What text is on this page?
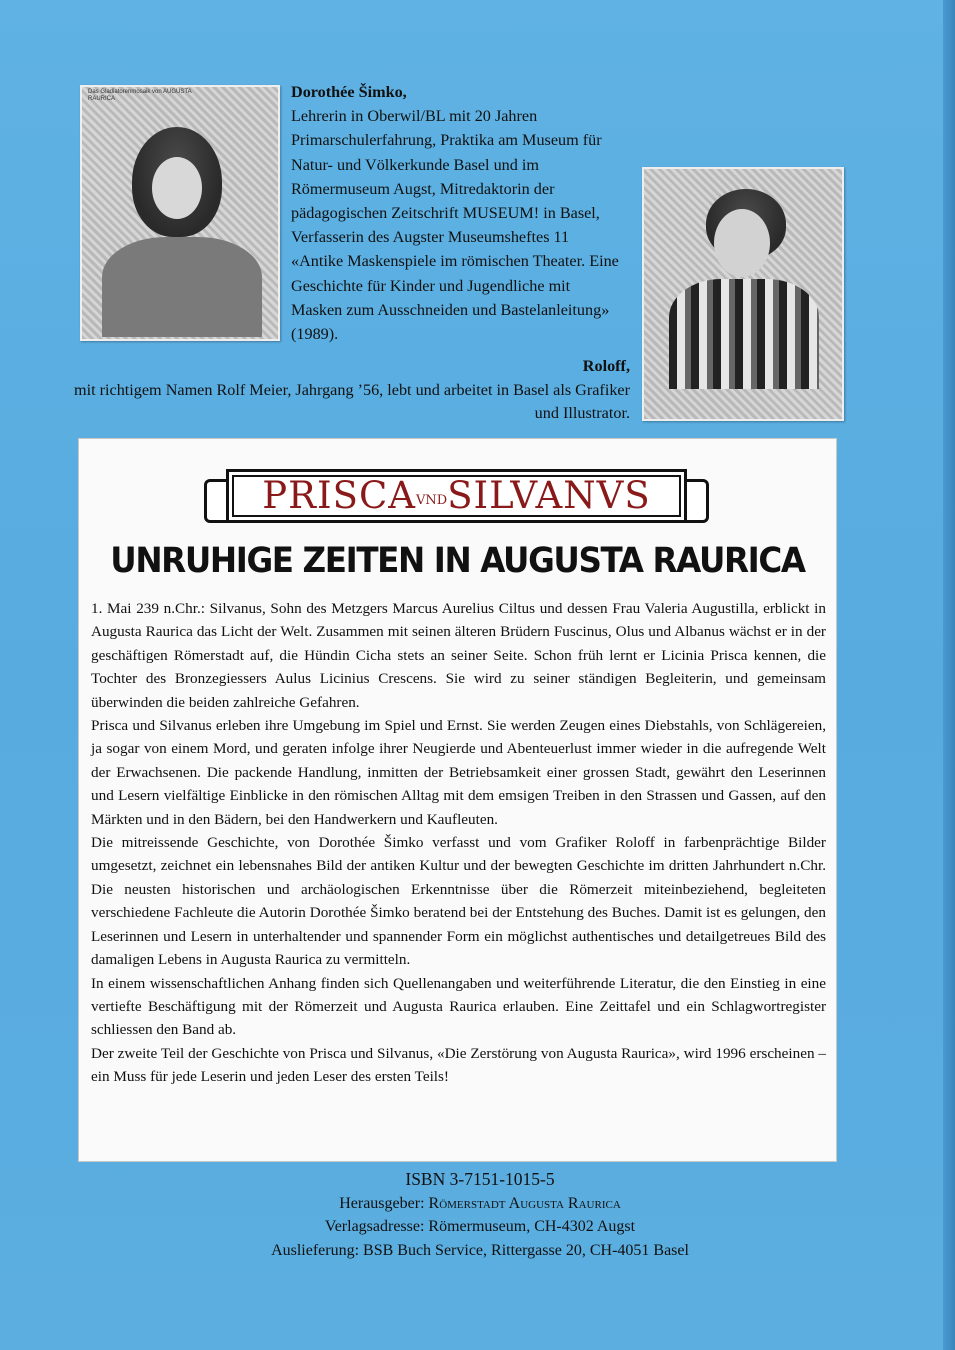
Das Gladiatorenmosaik von AUGUSTA RAURICA	Dorothée Šimko,
Lehrerin in Oberwil/BL mit 20 Jahren Primarschulerfahrung, Praktika am Museum für Natur- und Völkerkunde Basel und im Römermuseum Augst, Mitredaktorin der pädagogischen Zeitschrift MUSEUM! in Basel, Verfasserin des Augster Museumsheftes 11 «Antike Maskenspiele im römischen Theater. Eine Geschichte für Kinder und Jugendliche mit Masken zum Ausschneiden und Bastelanleitung» (1989).
Roloff,
mit richtigem Namen Rolf Meier, Jahrgang ’56, lebt und arbeitet in Basel als Grafiker und Illustrator.
PRISCAVNDSILVANVS
UNRUHIGE ZEITEN IN AUGUSTA RAURICA

1. Mai 239 n.Chr.: Silvanus, Sohn des Metzgers Marcus Aurelius Ciltus und dessen Frau Valeria Augustilla, erblickt in Augusta Raurica das Licht der Welt. Zusammen mit seinen älteren Brüdern Fuscinus, Olus und Albanus wächst er in der geschäftigen Römerstadt auf, die Hündin Cicha stets an seiner Seite. Schon früh lernt er Licinia Prisca kennen, die Tochter des Bronzegiessers Aulus Licinius Crescens. Sie wird zu seiner ständigen Begleiterin, und gemeinsam überwinden die beiden zahlreiche Gefahren.

Prisca und Silvanus erleben ihre Umgebung im Spiel und Ernst. Sie werden Zeugen eines Diebstahls, von Schlägereien, ja sogar von einem Mord, und geraten infolge ihrer Neugierde und Abenteuerlust immer wieder in die aufregende Welt der Erwachsenen. Die packende Handlung, inmitten der Betriebsamkeit einer grossen Stadt, gewährt den Leserinnen und Lesern vielfältige Einblicke in den römischen Alltag mit dem emsigen Treiben in den Strassen und Gassen, auf den Märkten und in den Bädern, bei den Handwerkern und Kaufleuten.

Die mitreissende Geschichte, von Dorothée Šimko verfasst und vom Grafiker Roloff in farbenprächtige Bilder umgesetzt, zeichnet ein lebensnahes Bild der antiken Kultur und der bewegten Geschichte im dritten Jahrhundert n.Chr. Die neusten historischen und archäologischen Erkenntnisse über die Römerzeit miteinbeziehend, begleiteten verschiedene Fachleute die Autorin Dorothée Šimko beratend bei der Entstehung des Buches. Damit ist es gelungen, den Leserinnen und Lesern in unterhaltender und spannender Form ein möglichst authentisches und detailgetreues Bild des damaligen Lebens in Augusta Raurica zu vermitteln.

In einem wissenschaftlichen Anhang finden sich Quellenangaben und weiterführende Literatur, die den Einstieg in eine vertiefte Beschäftigung mit der Römerzeit und Augusta Raurica erlauben. Eine Zeittafel und ein Schlagwortregister schliessen den Band ab.

Der zweite Teil der Geschichte von Prisca und Silvanus, «Die Zerstörung von Augusta Raurica», wird 1996 erscheinen – ein Muss für jede Leserin und jeden Leser des ersten Teils!

ISBN 3-7151-1015-5
Herausgeber: Römerstadt Augusta Raurica
Verlagsadresse: Römermuseum, CH-4302 Augst
Auslieferung: BSB Buch Service, Rittergasse 20, CH-4051 Basel
